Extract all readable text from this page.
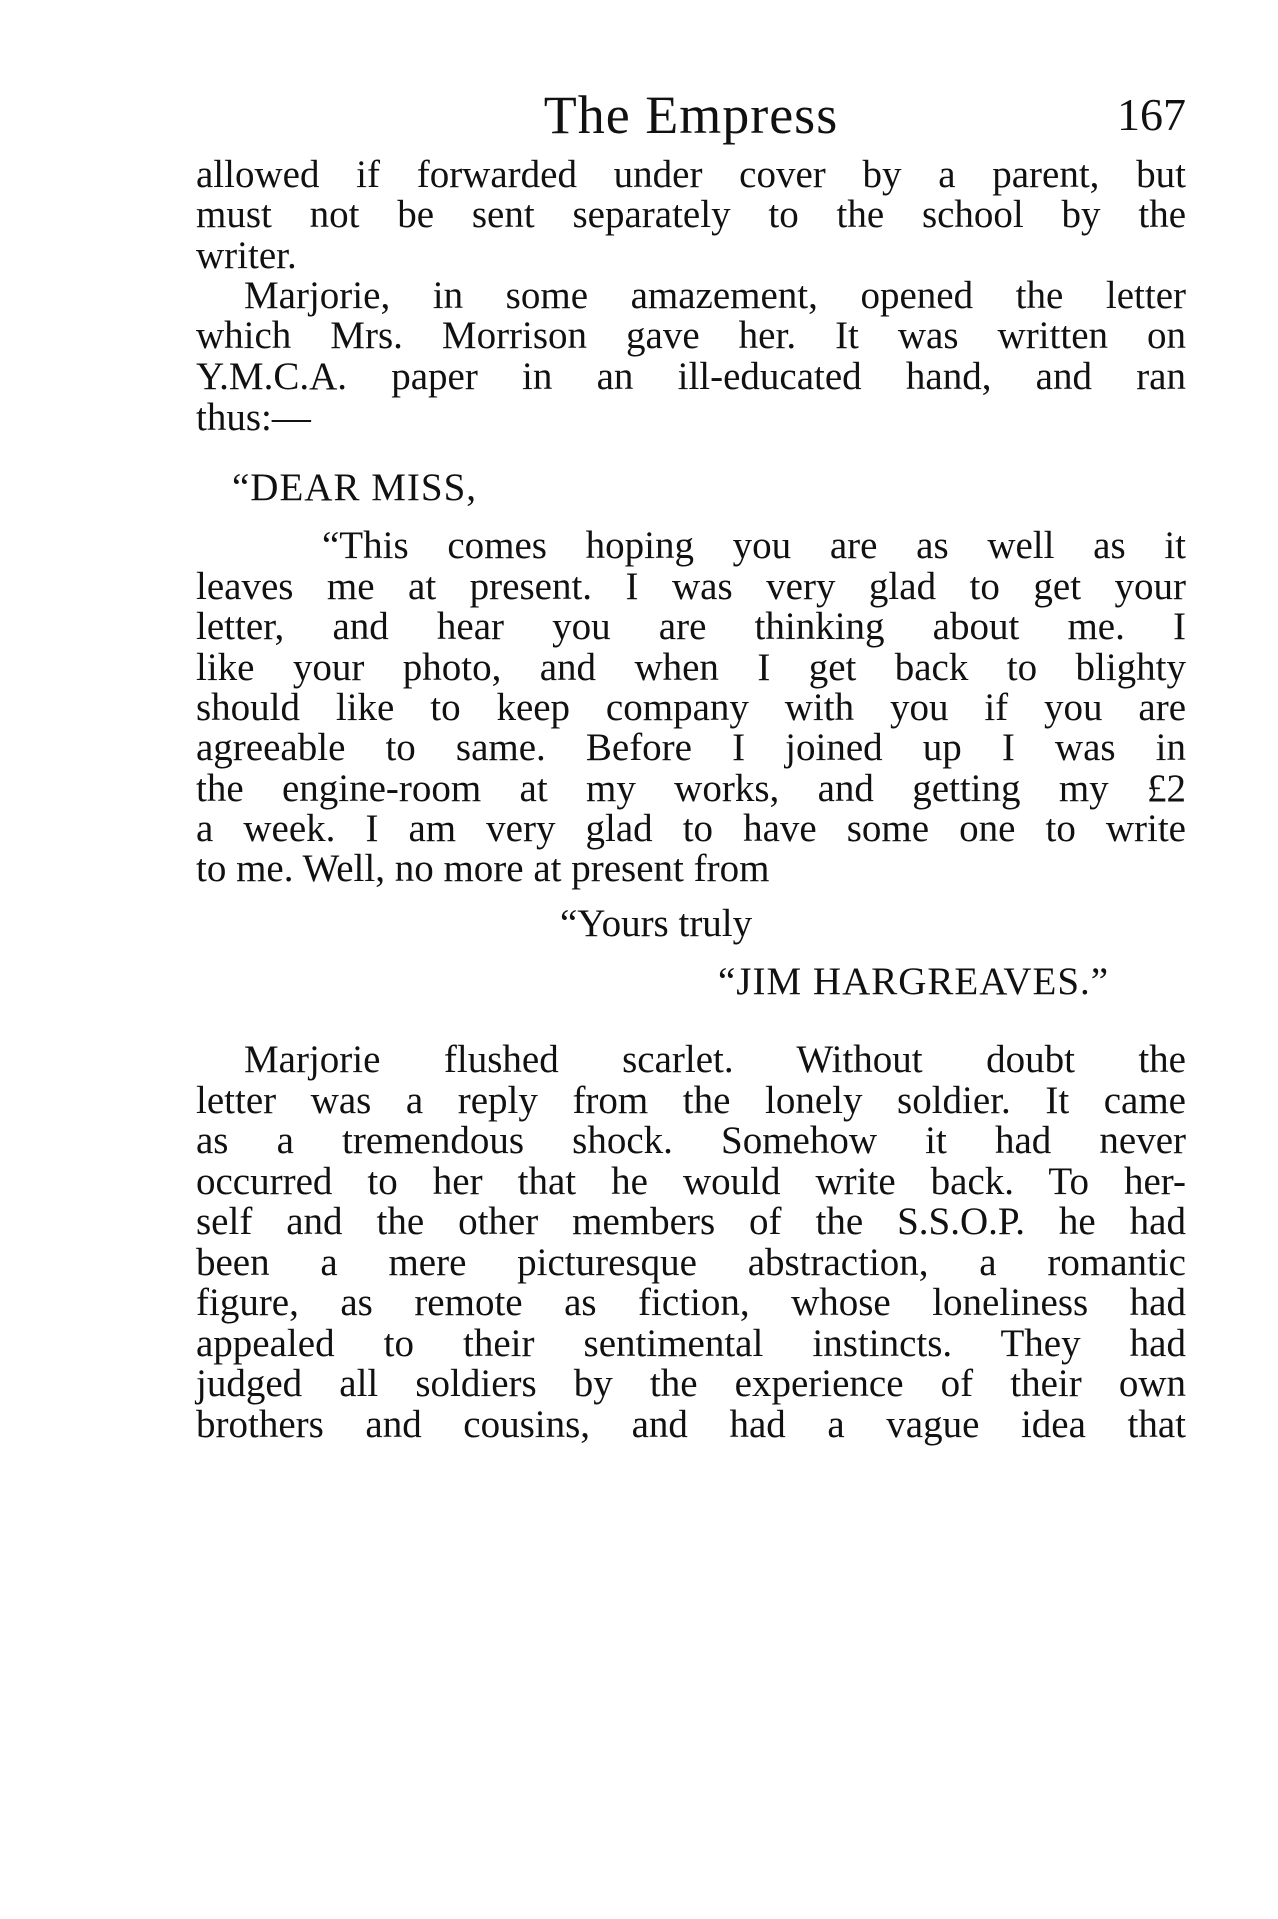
The Empress	167
allowed if forwarded under cover by a parent, but
must not be sent separately to the school by the
writer.
Marjorie, in some amazement, opened the letter
which Mrs. Morrison gave her. It was written on
Y.M.C.A. paper in an ill-educated hand, and ran
thus:—
“DEAR MISS,
“This comes hoping you are as well as it
leaves me at present. I was very glad to get your
letter, and hear you are thinking about me. I
like your photo, and when I get back to blighty
should like to keep company with you if you are
agreeable to same. Before I joined up I was in
the engine-room at my works, and getting my £2
a week. I am very glad to have some one to write
to me. Well, no more at present from
“Yours truly
“JIM HARGREAVES.”
Marjorie flushed scarlet. Without doubt the
letter was a reply from the lonely soldier. It came
as a tremendous shock. Somehow it had never
occurred to her that he would write back. To her-
self and the other members of the S.S.O.P. he had
been a mere picturesque abstraction, a romantic
figure, as remote as fiction, whose loneliness had
appealed to their sentimental instincts. They had
judged all soldiers by the experience of their own
brothers and cousins, and had a vague idea that
